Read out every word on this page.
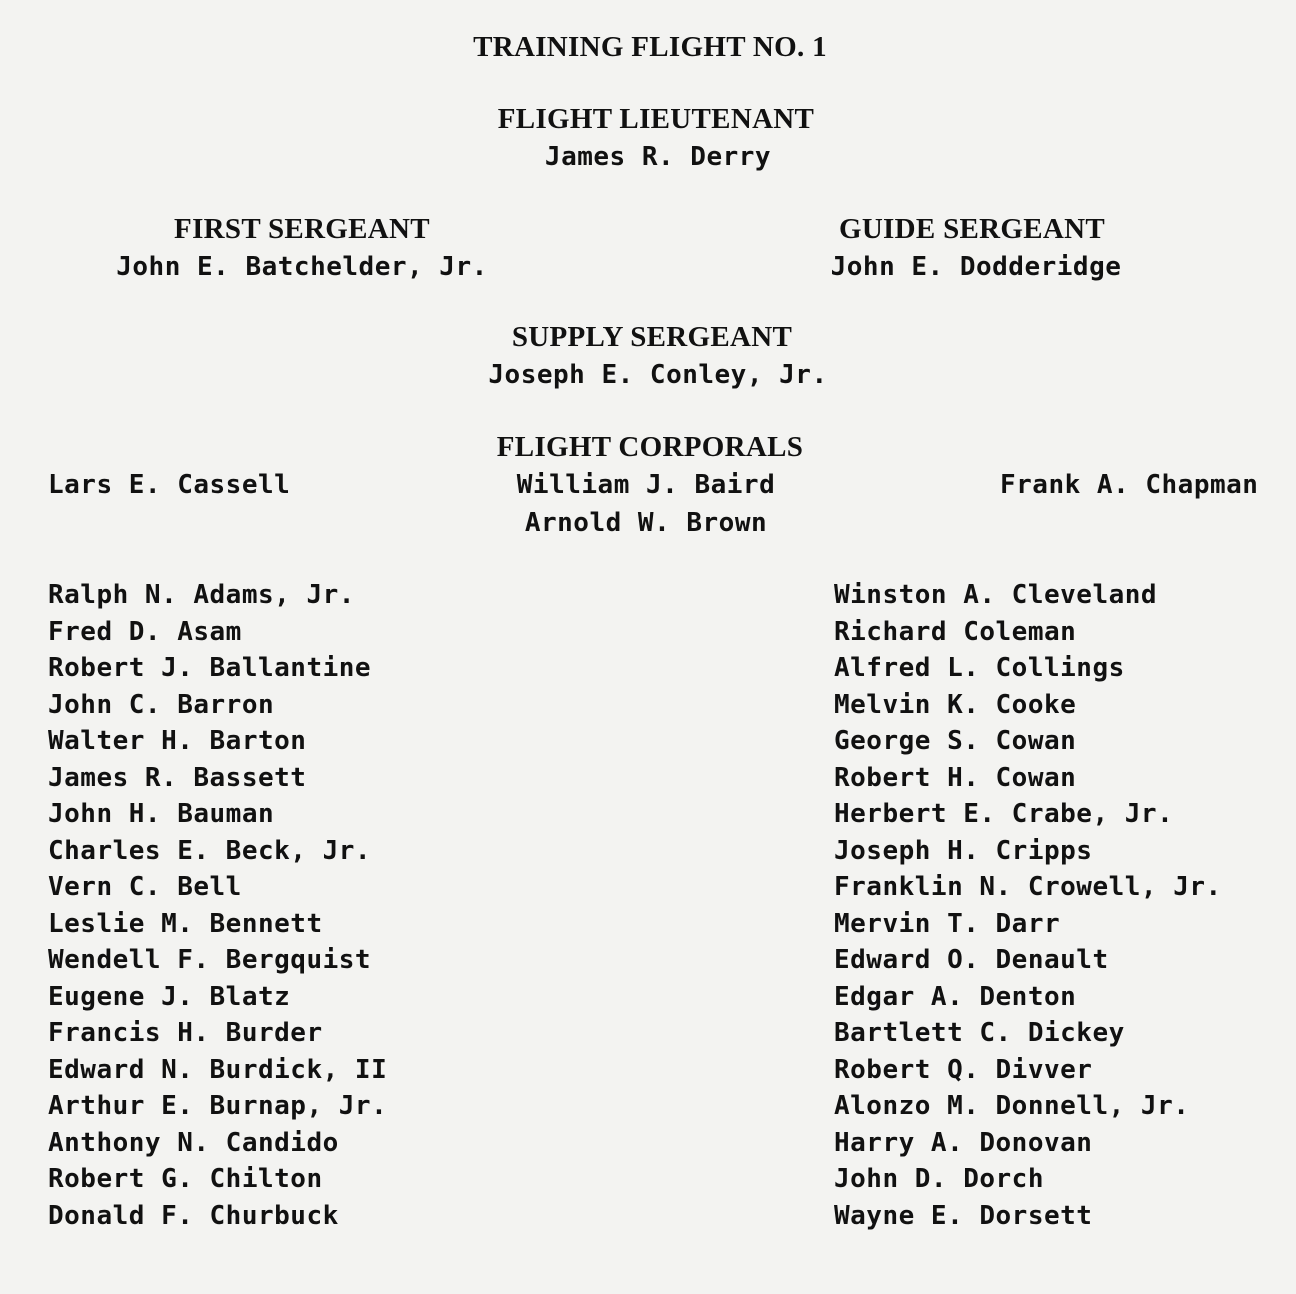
TRAINING FLIGHT NO. 1
FLIGHT LIEUTENANT
James R. Derry
FIRST SERGEANT
John E. Batchelder, Jr.
GUIDE SERGEANT
John E. Dodderidge
SUPPLY SERGEANT
Joseph E. Conley, Jr.
FLIGHT CORPORALS
Lars E. Cassell	William J. Baird
Arnold W. Brown
Frank A. Chapman
Ralph N. Adams, Jr.
Fred D. Asam
Robert J. Ballantine
John C. Barron
Walter H. Barton
James R. Bassett
John H. Bauman
Charles E. Beck, Jr.
Vern C. Bell
Leslie M. Bennett
Wendell F. Bergquist
Eugene J. Blatz
Francis H. Burder
Edward N. Burdick, II
Arthur E. Burnap, Jr.
Anthony N. Candido
Robert G. Chilton
Donald F. Churbuck
Winston A. Cleveland
Richard Coleman
Alfred L. Collings
Melvin K. Cooke
George S. Cowan
Robert H. Cowan
Herbert E. Crabe, Jr.
Joseph H. Cripps
Franklin N. Crowell, Jr.
Mervin T. Darr
Edward O. Denault
Edgar A. Denton
Bartlett C. Dickey
Robert Q. Divver
Alonzo M. Donnell, Jr.
Harry A. Donovan
John D. Dorch
Wayne E. Dorsett
